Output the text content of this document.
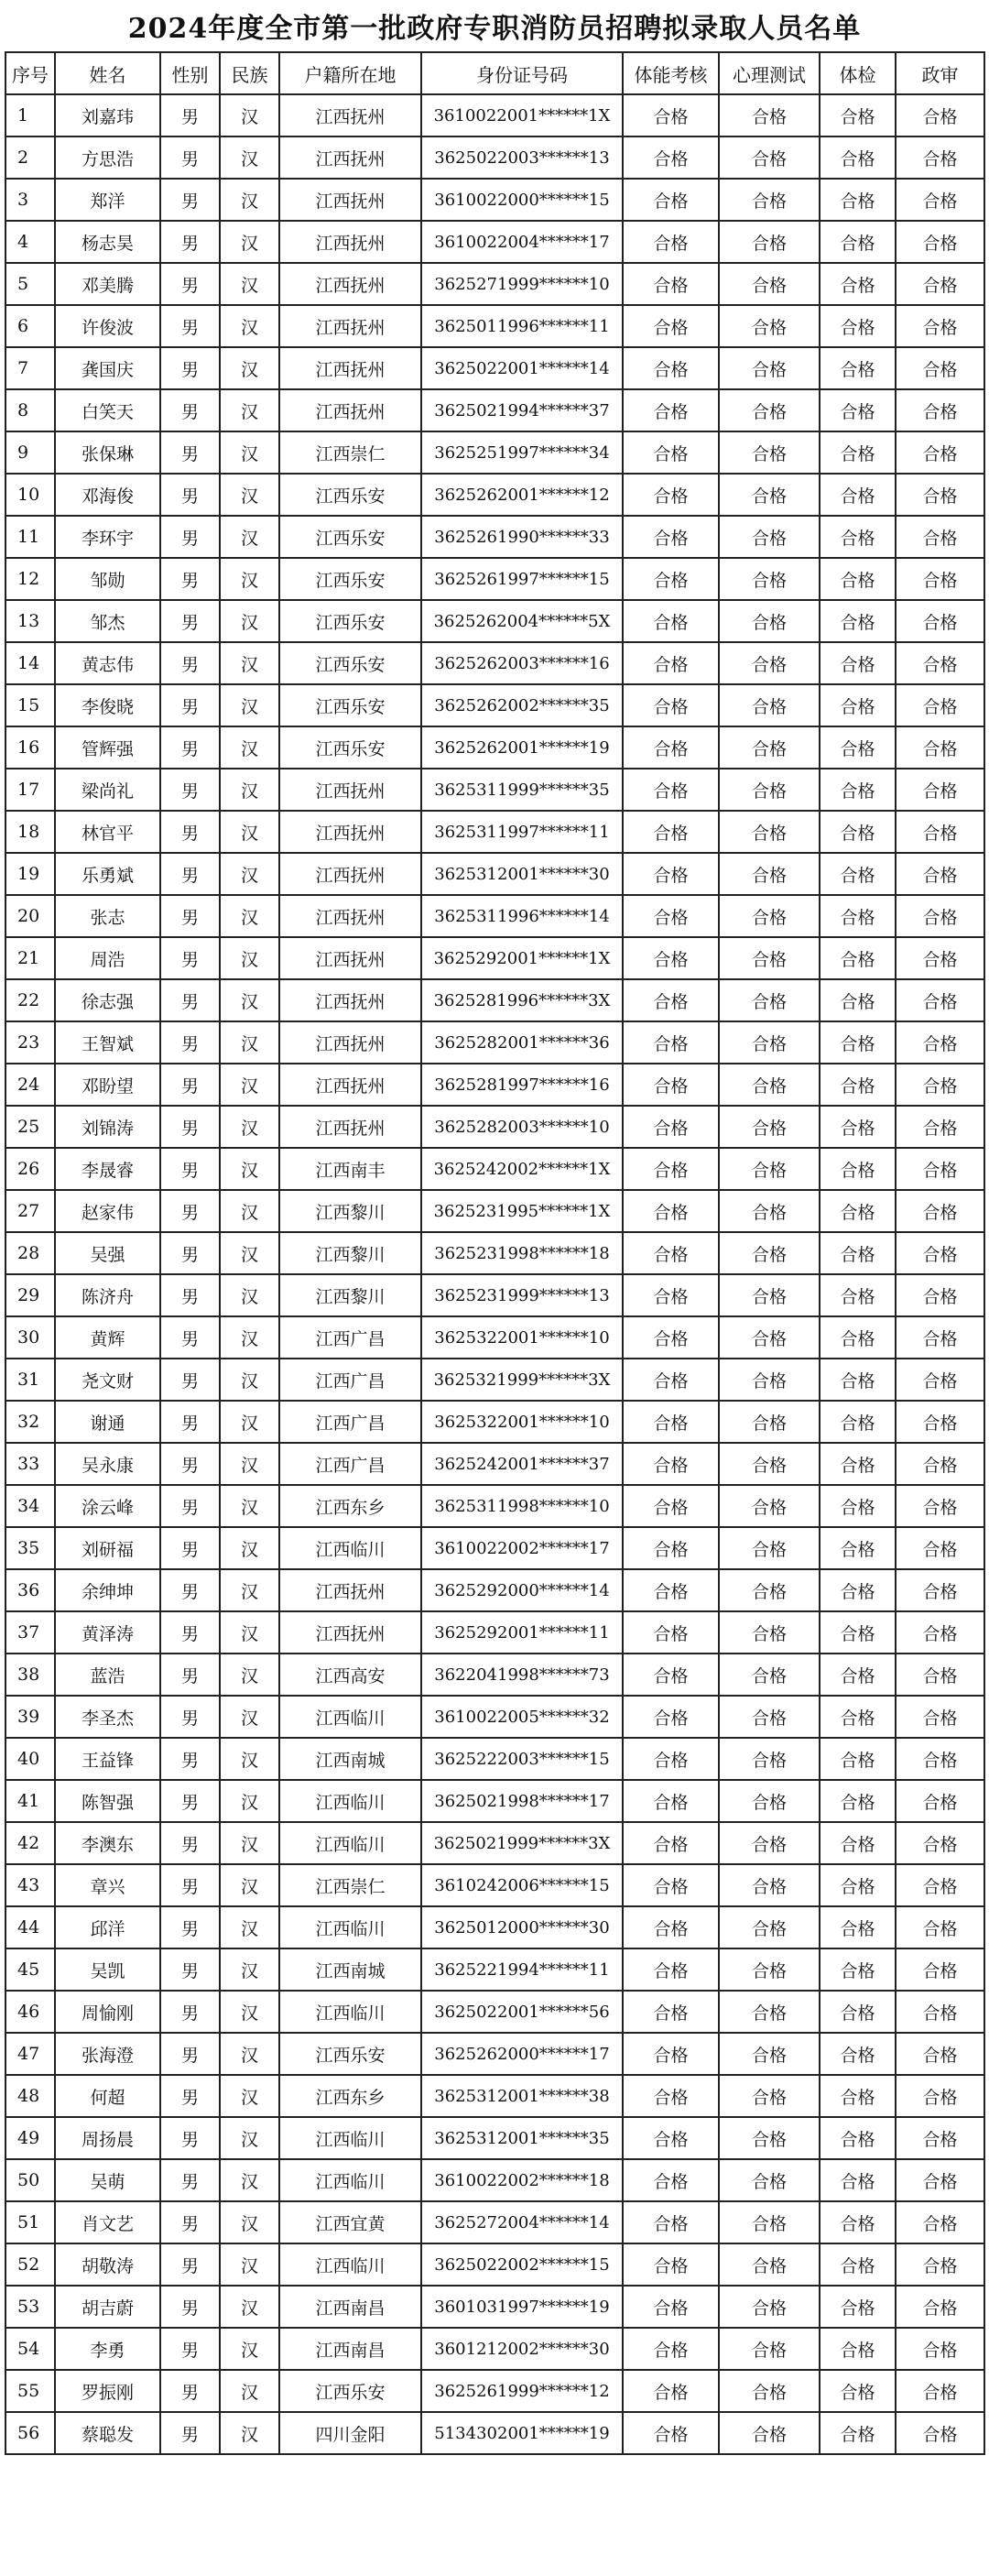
2024年度全市第一批政府专职消防员招聘拟录取人员名单
序号	姓名	性别	民族	户籍所在地	身份证号码	体能考核	心理测试	体检	政审
1	刘嘉玮	男	汉	江西抚州	3610022001******1X	合格	合格	合格	合格
2	方思浩	男	汉	江西抚州	3625022003******13	合格	合格	合格	合格
3	郑洋	男	汉	江西抚州	3610022000******15	合格	合格	合格	合格
4	杨志昊	男	汉	江西抚州	3610022004******17	合格	合格	合格	合格
5	邓美腾	男	汉	江西抚州	3625271999******10	合格	合格	合格	合格
6	许俊波	男	汉	江西抚州	3625011996******11	合格	合格	合格	合格
7	龚国庆	男	汉	江西抚州	3625022001******14	合格	合格	合格	合格
8	白笑天	男	汉	江西抚州	3625021994******37	合格	合格	合格	合格
9	张保琳	男	汉	江西崇仁	3625251997******34	合格	合格	合格	合格
10	邓海俊	男	汉	江西乐安	3625262001******12	合格	合格	合格	合格
11	李环宇	男	汉	江西乐安	3625261990******33	合格	合格	合格	合格
12	邹勋	男	汉	江西乐安	3625261997******15	合格	合格	合格	合格
13	邹杰	男	汉	江西乐安	3625262004******5X	合格	合格	合格	合格
14	黄志伟	男	汉	江西乐安	3625262003******16	合格	合格	合格	合格
15	李俊晓	男	汉	江西乐安	3625262002******35	合格	合格	合格	合格
16	管辉强	男	汉	江西乐安	3625262001******19	合格	合格	合格	合格
17	梁尚礼	男	汉	江西抚州	3625311999******35	合格	合格	合格	合格
18	林官平	男	汉	江西抚州	3625311997******11	合格	合格	合格	合格
19	乐勇斌	男	汉	江西抚州	3625312001******30	合格	合格	合格	合格
20	张志	男	汉	江西抚州	3625311996******14	合格	合格	合格	合格
21	周浩	男	汉	江西抚州	3625292001******1X	合格	合格	合格	合格
22	徐志强	男	汉	江西抚州	3625281996******3X	合格	合格	合格	合格
23	王智斌	男	汉	江西抚州	3625282001******36	合格	合格	合格	合格
24	邓盼望	男	汉	江西抚州	3625281997******16	合格	合格	合格	合格
25	刘锦涛	男	汉	江西抚州	3625282003******10	合格	合格	合格	合格
26	李晟睿	男	汉	江西南丰	3625242002******1X	合格	合格	合格	合格
27	赵家伟	男	汉	江西黎川	3625231995******1X	合格	合格	合格	合格
28	吴强	男	汉	江西黎川	3625231998******18	合格	合格	合格	合格
29	陈济舟	男	汉	江西黎川	3625231999******13	合格	合格	合格	合格
30	黄辉	男	汉	江西广昌	3625322001******10	合格	合格	合格	合格
31	尧文财	男	汉	江西广昌	3625321999******3X	合格	合格	合格	合格
32	谢通	男	汉	江西广昌	3625322001******10	合格	合格	合格	合格
33	吴永康	男	汉	江西广昌	3625242001******37	合格	合格	合格	合格
34	涂云峰	男	汉	江西东乡	3625311998******10	合格	合格	合格	合格
35	刘研福	男	汉	江西临川	3610022002******17	合格	合格	合格	合格
36	余绅坤	男	汉	江西抚州	3625292000******14	合格	合格	合格	合格
37	黄泽涛	男	汉	江西抚州	3625292001******11	合格	合格	合格	合格
38	蓝浩	男	汉	江西高安	3622041998******73	合格	合格	合格	合格
39	李圣杰	男	汉	江西临川	3610022005******32	合格	合格	合格	合格
40	王益锋	男	汉	江西南城	3625222003******15	合格	合格	合格	合格
41	陈智强	男	汉	江西临川	3625021998******17	合格	合格	合格	合格
42	李澳东	男	汉	江西临川	3625021999******3X	合格	合格	合格	合格
43	章兴	男	汉	江西崇仁	3610242006******15	合格	合格	合格	合格
44	邱洋	男	汉	江西临川	3625012000******30	合格	合格	合格	合格
45	吴凯	男	汉	江西南城	3625221994******11	合格	合格	合格	合格
46	周愉刚	男	汉	江西临川	3625022001******56	合格	合格	合格	合格
47	张海澄	男	汉	江西乐安	3625262000******17	合格	合格	合格	合格
48	何超	男	汉	江西东乡	3625312001******38	合格	合格	合格	合格
49	周扬晨	男	汉	江西临川	3625312001******35	合格	合格	合格	合格
50	吴萌	男	汉	江西临川	3610022002******18	合格	合格	合格	合格
51	肖文艺	男	汉	江西宜黄	3625272004******14	合格	合格	合格	合格
52	胡敬涛	男	汉	江西临川	3625022002******15	合格	合格	合格	合格
53	胡吉蔚	男	汉	江西南昌	3601031997******19	合格	合格	合格	合格
54	李勇	男	汉	江西南昌	3601212002******30	合格	合格	合格	合格
55	罗振刚	男	汉	江西乐安	3625261999******12	合格	合格	合格	合格
56	蔡聪发	男	汉	四川金阳	5134302001******19	合格	合格	合格	合格
